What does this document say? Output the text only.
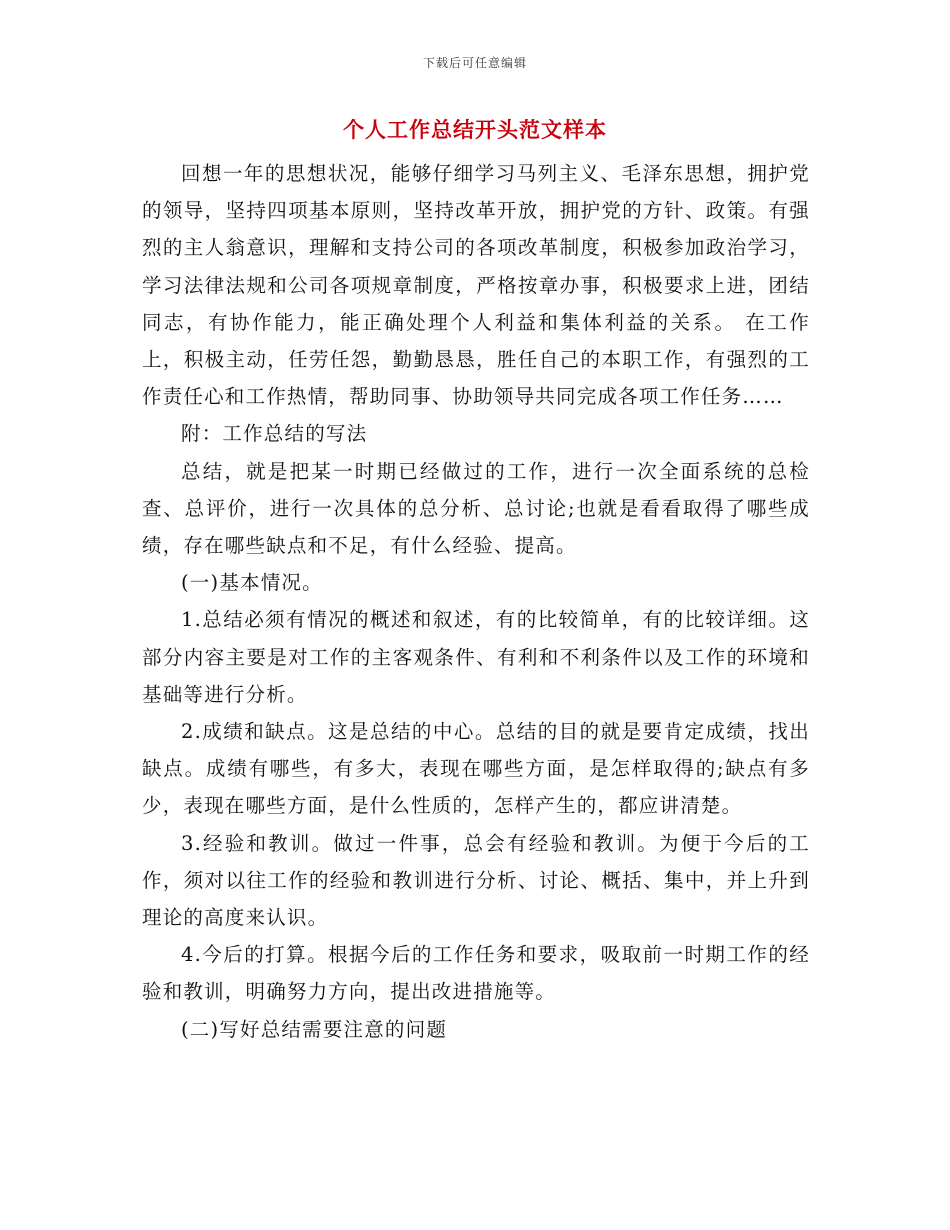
下载后可任意编辑
个人工作总结开头范文样本

回想一年的思想状况，能够仔细学习马列主义、毛泽东思想，拥护党的领导，坚持四项基本原则，坚持改革开放，拥护党的方针、政策。有强烈的主人翁意识，理解和支持公司的各项改革制度，积极参加政治学习，学习法律法规和公司各项规章制度，严格按章办事，积极要求上进，团结同志，有协作能力，能正确处理个人利益和集体利益的关系。 在工作上，积极主动，任劳任怨，勤勤恳恳，胜任自己的本职工作，有强烈的工作责任心和工作热情，帮助同事、协助领导共同完成各项工作任务……

附：工作总结的写法

总结，就是把某一时期已经做过的工作，进行一次全面系统的总检查、总评价，进行一次具体的总分析、总讨论;也就是看看取得了哪些成绩，存在哪些缺点和不足，有什么经验、提高。

(一)基本情况。

1.总结必须有情况的概述和叙述，有的比较简单，有的比较详细。这部分内容主要是对工作的主客观条件、有利和不利条件以及工作的环境和基础等进行分析。

2.成绩和缺点。这是总结的中心。总结的目的就是要肯定成绩，找出缺点。成绩有哪些，有多大，表现在哪些方面，是怎样取得的;缺点有多少，表现在哪些方面，是什么性质的，怎样产生的，都应讲清楚。

3.经验和教训。做过一件事，总会有经验和教训。为便于今后的工作，须对以往工作的经验和教训进行分析、讨论、概括、集中，并上升到理论的高度来认识。

4.今后的打算。根据今后的工作任务和要求，吸取前一时期工作的经验和教训，明确努力方向，提出改进措施等。

(二)写好总结需要注意的问题
